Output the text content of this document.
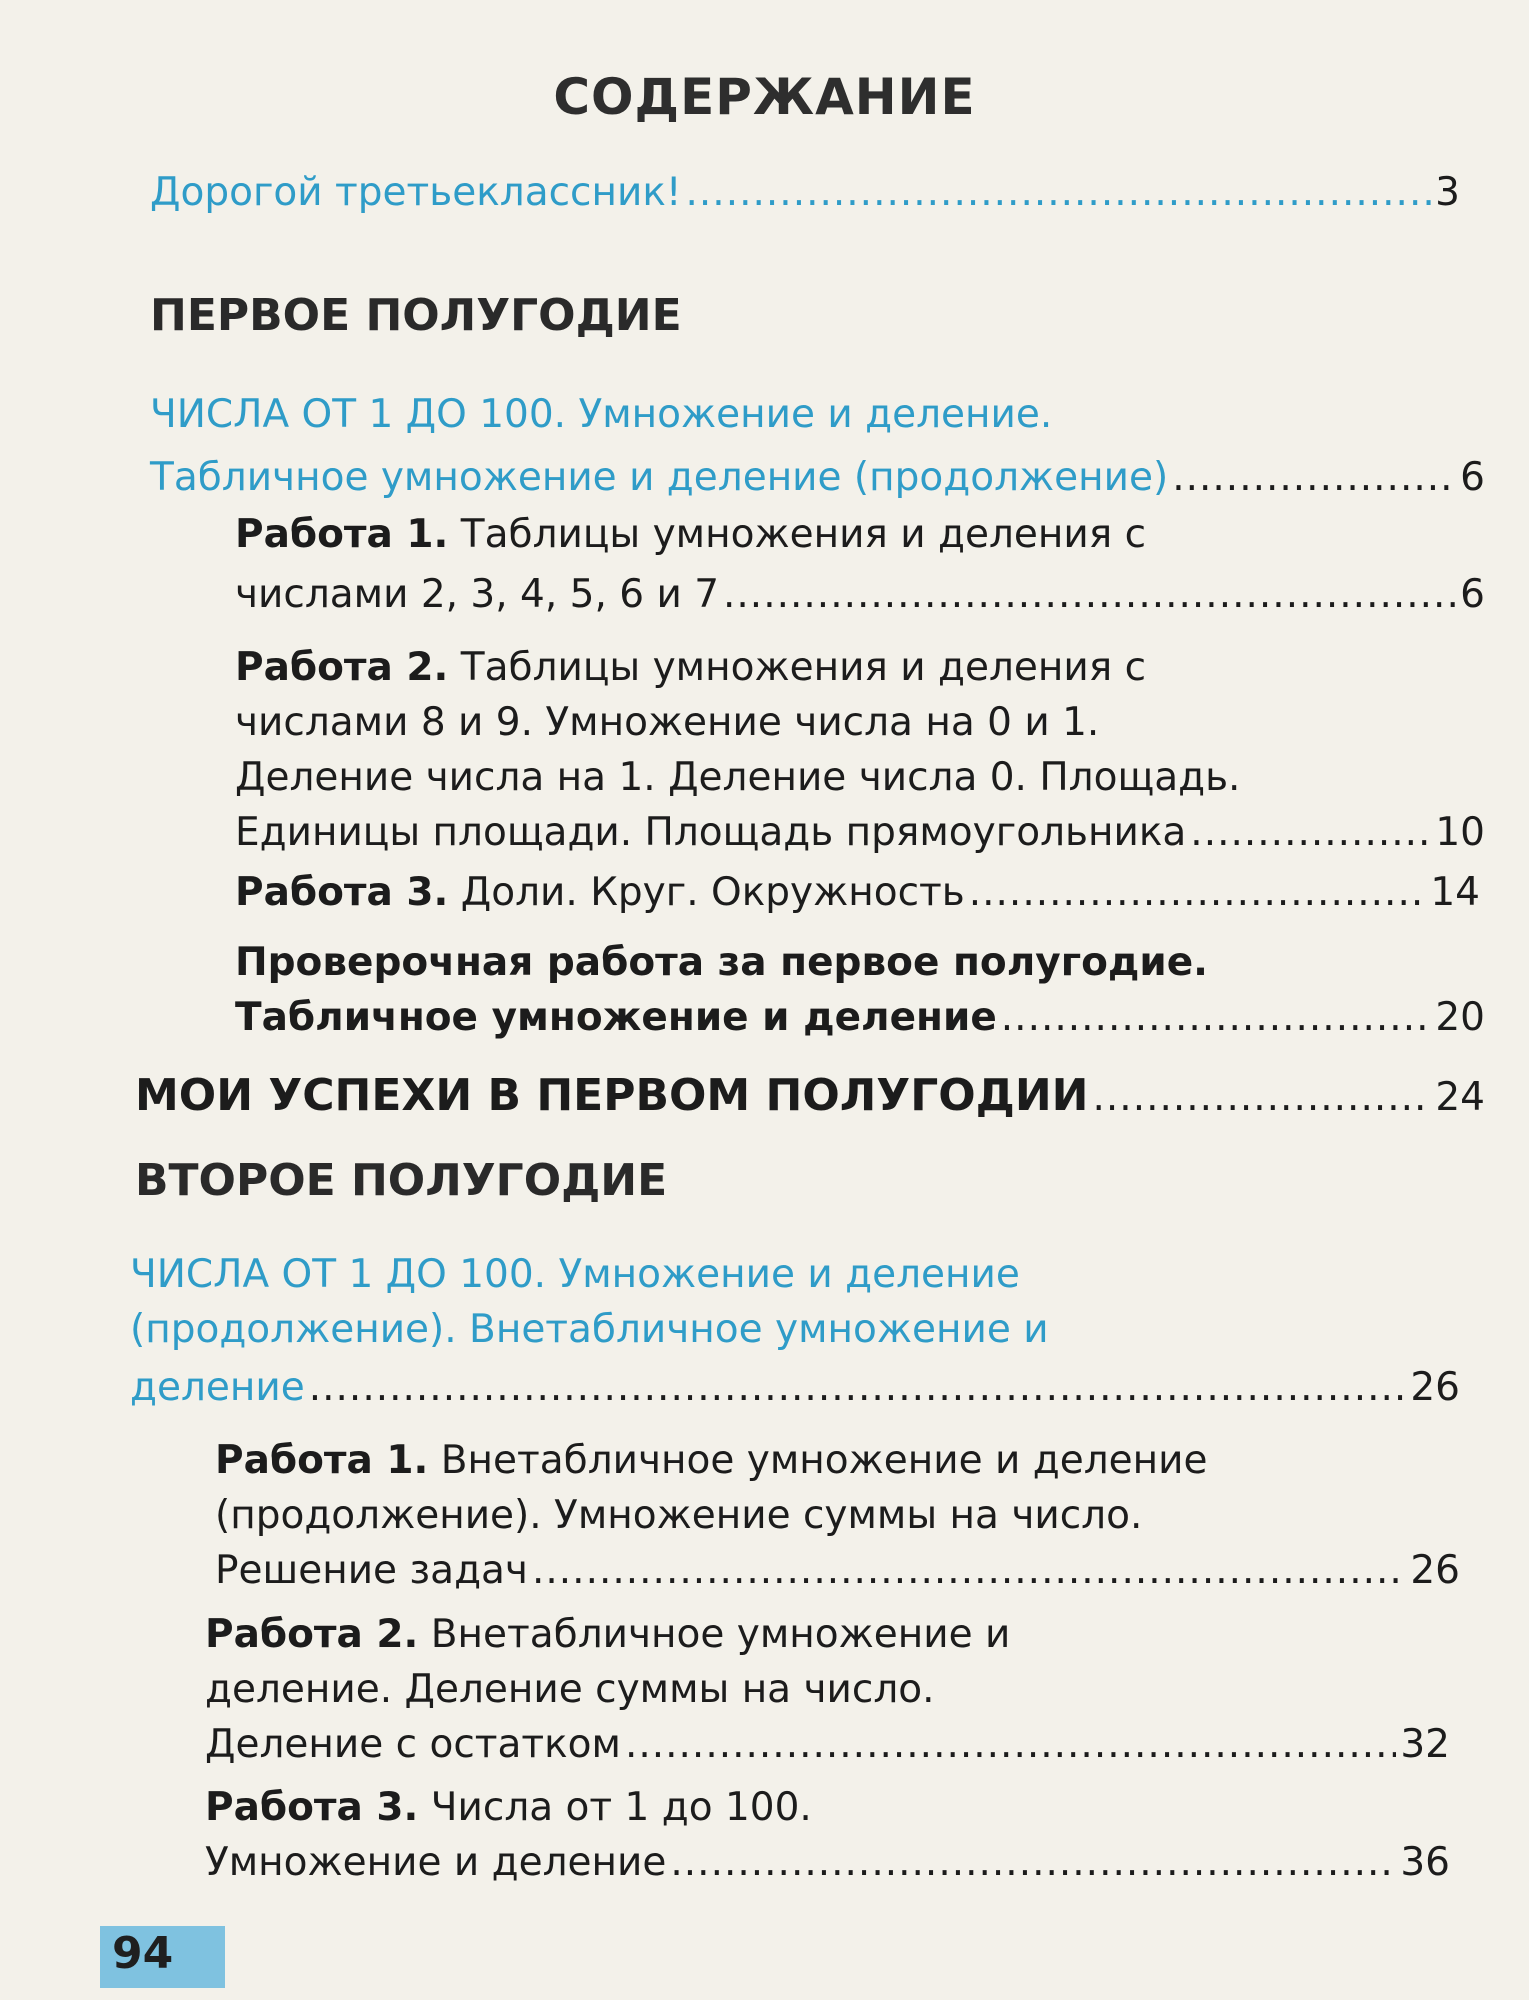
СОДЕРЖАНИЕ
Дорогой третьеклассник! .....	3
ПЕРВОЕ ПОЛУГОДИЕ
ЧИСЛА ОТ 1 ДО 100. Умножение и деление.
Табличное умножение и деление (продолжение) .....	6
Работа 1. Таблицы умножения и деления с
числами 2, 3, 4, 5, 6 и 7 .....	6
Работа 2. Таблицы умножения и деления с
числами 8 и 9. Умножение числа на 0 и 1.
Деление числа на 1. Деление числа 0. Площадь.
Единицы площади. Площадь прямоугольника .....	10
Работа 3. Доли. Круг. Окружность .....	14
Проверочная работа за первое полугодие.
Табличное умножение и деление .....	20
МОИ УСПЕХИ В ПЕРВОМ ПОЛУГОДИИ .....	24
ВТОРОЕ ПОЛУГОДИЕ
ЧИСЛА ОТ 1 ДО 100. Умножение и деление
(продолжение). Внетабличное умножение и
деление .....	26
Работа 1. Внетабличное умножение и деление
(продолжение). Умножение суммы на число.
Решение задач .....	26
Работа 2. Внетабличное умножение и
деление. Деление суммы на число.
Деление с остатком .....	32
Работа 3. Числа от 1 до 100.
Умножение и деление .....	36
94
